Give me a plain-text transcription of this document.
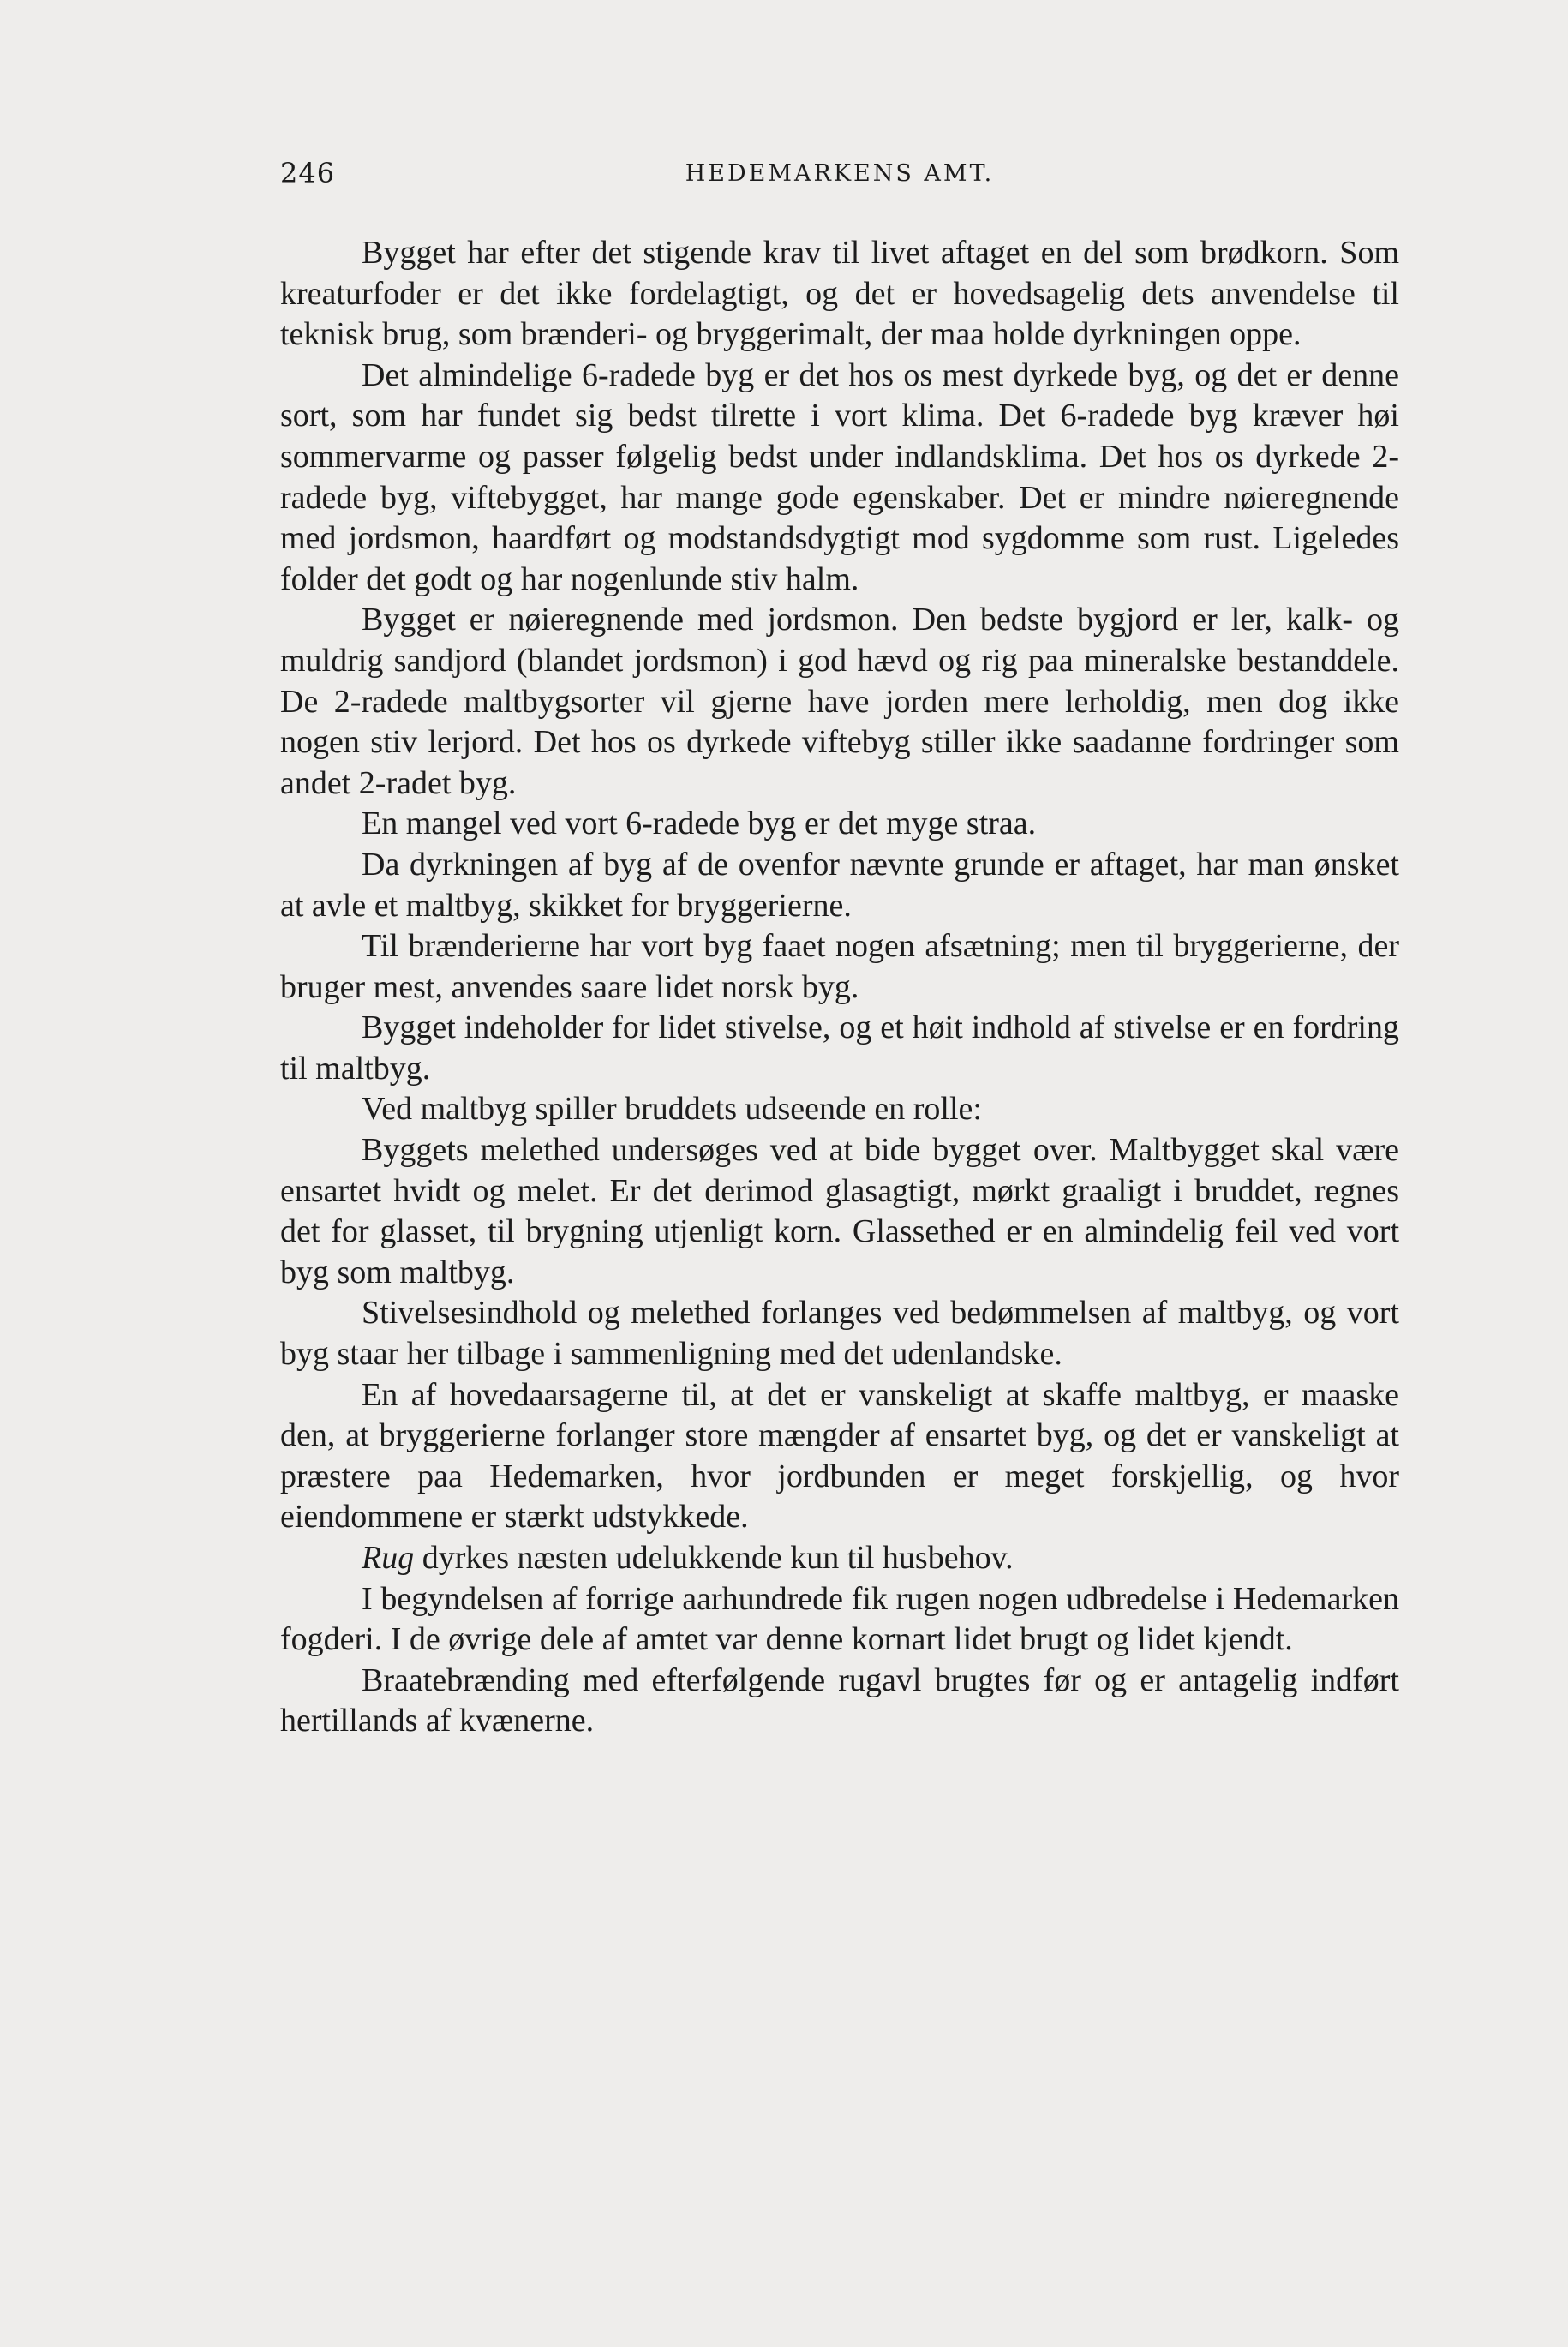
246	HEDEMARKENS AMT.

Bygget har efter det stigende krav til livet aftaget en del som brødkorn. Som kreaturfoder er det ikke fordelagtigt, og det er hovedsagelig dets anvendelse til teknisk brug, som brænderi- og bryggerimalt, der maa holde dyrkningen oppe.

Det almindelige 6-radede byg er det hos os mest dyrkede byg, og det er denne sort, som har fundet sig bedst tilrette i vort klima. Det 6-radede byg kræver høi sommervarme og passer følgelig bedst under indlandsklima. Det hos os dyrkede 2-radede byg, viftebygget, har mange gode egenskaber. Det er mindre nøieregnende med jordsmon, haardført og modstandsdygtigt mod sygdomme som rust. Ligeledes folder det godt og har nogenlunde stiv halm.

Bygget er nøieregnende med jordsmon. Den bedste bygjord er ler, kalk- og muldrig sandjord (blandet jordsmon) i god hævd og rig paa mineralske bestanddele. De 2-radede maltbygsorter vil gjerne have jorden mere lerholdig, men dog ikke nogen stiv lerjord. Det hos os dyrkede viftebyg stiller ikke saadanne fordringer som andet 2-radet byg.

En mangel ved vort 6-radede byg er det myge straa.

Da dyrkningen af byg af de ovenfor nævnte grunde er aftaget, har man ønsket at avle et maltbyg, skikket for bryggerierne.

Til brænderierne har vort byg faaet nogen afsætning; men til bryggerierne, der bruger mest, anvendes saare lidet norsk byg.

Bygget indeholder for lidet stivelse, og et høit indhold af stivelse er en fordring til maltbyg.

Ved maltbyg spiller bruddets udseende en rolle:

Byggets melethed undersøges ved at bide bygget over. Maltbygget skal være ensartet hvidt og melet. Er det derimod glasagtigt, mørkt graaligt i bruddet, regnes det for glasset, til brygning utjenligt korn. Glassethed er en almindelig feil ved vort byg som maltbyg.

Stivelsesindhold og melethed forlanges ved bedømmelsen af maltbyg, og vort byg staar her tilbage i sammenligning med det udenlandske.

En af hovedaarsagerne til, at det er vanskeligt at skaffe maltbyg, er maaske den, at bryggerierne forlanger store mængder af ensartet byg, og det er vanskeligt at præstere paa Hedemarken, hvor jordbunden er meget forskjellig, og hvor eiendommene er stærkt udstykkede.

Rug dyrkes næsten udelukkende kun til husbehov.

I begyndelsen af forrige aarhundrede fik rugen nogen udbredelse i Hedemarken fogderi. I de øvrige dele af amtet var denne kornart lidet brugt og lidet kjendt.

Braatebrænding med efterfølgende rugavl brugtes før og er antagelig indført hertillands af kvænerne.
